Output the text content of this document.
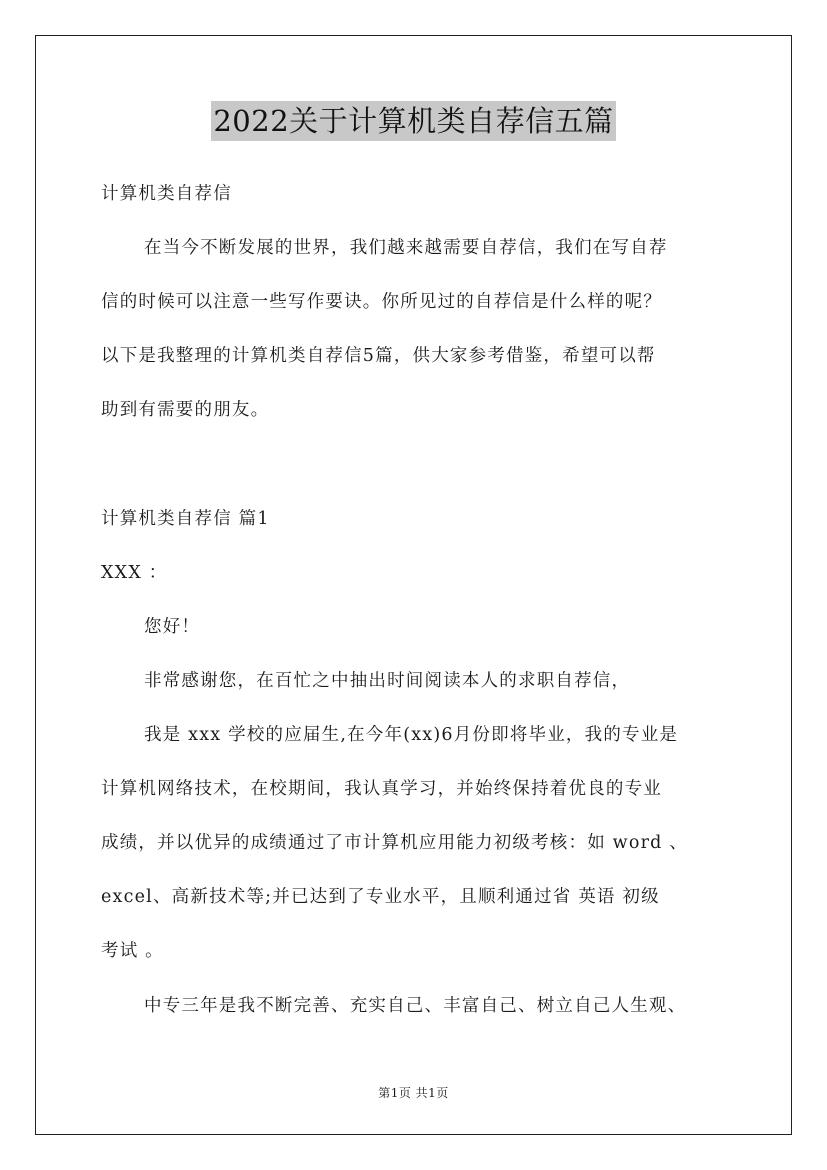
2022关于计算机类自荐信五篇
计算机类自荐信
在当今不断发展的世界，我们越来越需要自荐信，我们在写自荐
信的时候可以注意一些写作要诀。你所见过的自荐信是什么样的呢？
以下是我整理的计算机类自荐信5篇，供大家参考借鉴，希望可以帮
助到有需要的朋友。
计算机类自荐信 篇1
XXX ：
您好！
非常感谢您，在百忙之中抽出时间阅读本人的求职自荐信，
我是 xxx 学校的应届生,在今年(xx)6月份即将毕业，我的专业是
计算机网络技术，在校期间，我认真学习，并始终保持着优良的专业
成绩，并以优异的成绩通过了市计算机应用能力初级考核：如 word 、
excel、高新技术等;并已达到了专业水平，且顺利通过省 英语 初级
考试 。
中专三年是我不断完善、充实自己、丰富自己、树立自己人生观、
第1页 共1页
